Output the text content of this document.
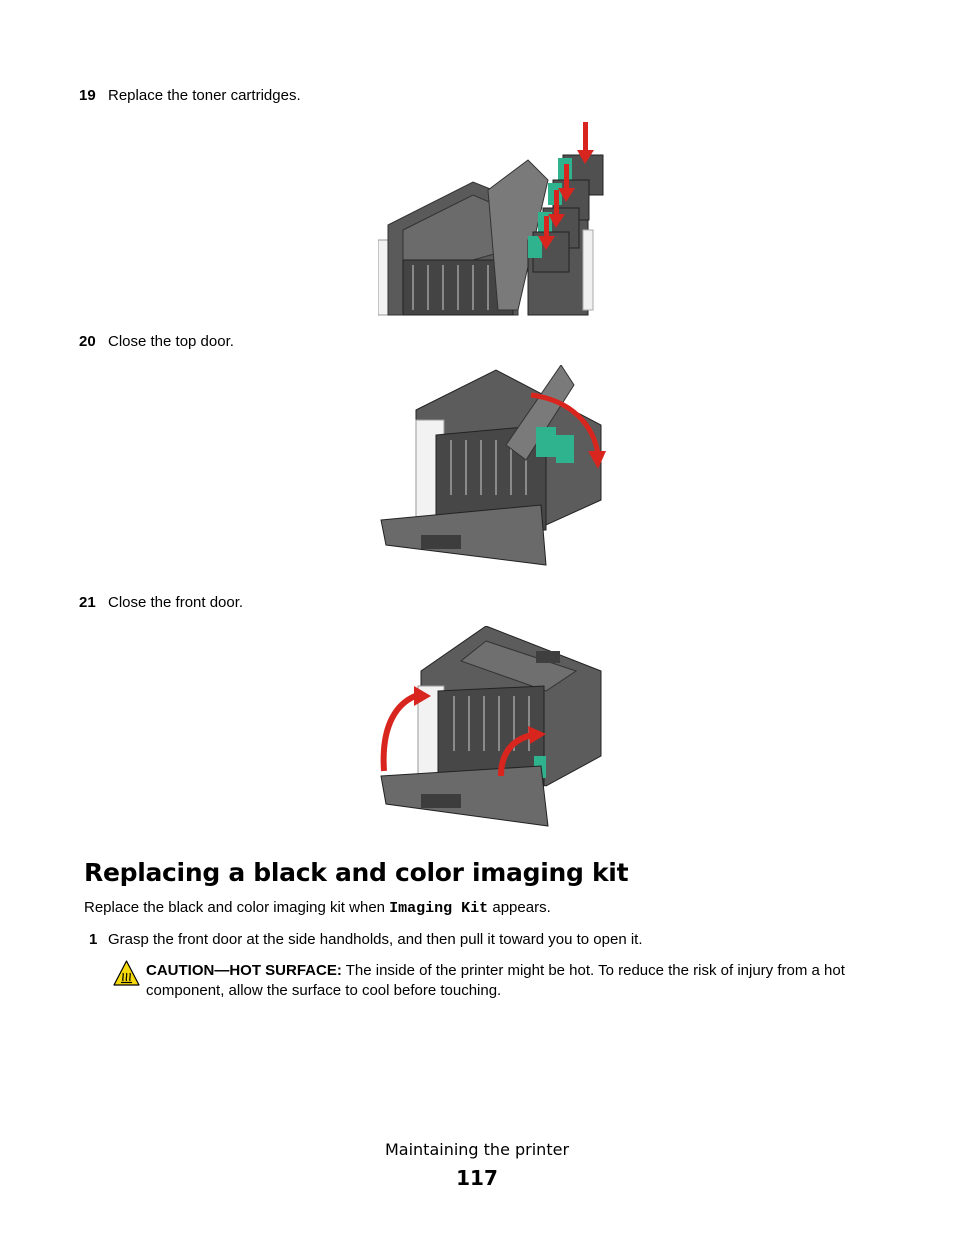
19 Replace the toner cartridges.
20 Close the top door.
21 Close the front door.
Replacing a black and color imaging kit
Replace the black and color imaging kit when Imaging Kit appears.
1 Grasp the front door at the side handholds, and then pull it toward you to open it.
CAUTION—HOT SURFACE: The inside of the printer might be hot. To reduce the risk of injury from a hot component, allow the surface to cool before touching.
Maintaining the printer
117
